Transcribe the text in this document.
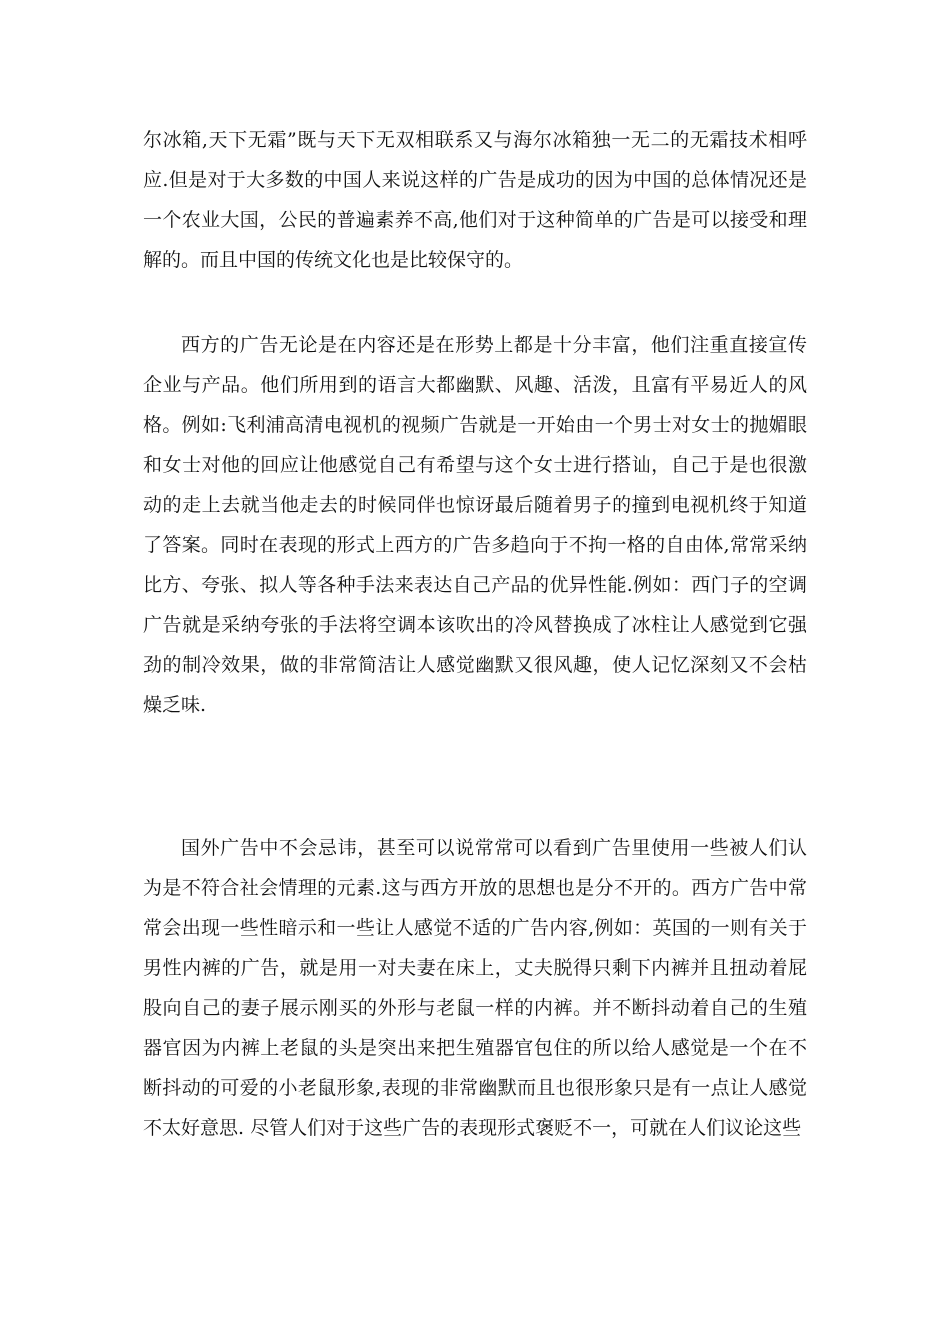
尔冰箱,天下无霜”既与天下无双相联系又与海尔冰箱独一无二的无霜技术相呼应.但是对于大多数的中国人来说这样的广告是成功的因为中国的总体情况还是一个农业大国，公民的普遍素养不高,他们对于这种简单的广告是可以接受和理解的。而且中国的传统文化也是比较保守的。

西方的广告无论是在内容还是在形势上都是十分丰富，他们注重直接宣传企业与产品。他们所用到的语言大都幽默、风趣、活泼，且富有平易近人的风格。例如:飞利浦高清电视机的视频广告就是一开始由一个男士对女士的抛媚眼和女士对他的回应让他感觉自己有希望与这个女士进行搭讪，自己于是也很激动的走上去就当他走去的时候同伴也惊讶最后随着男子的撞到电视机终于知道了答案。同时在表现的形式上西方的广告多趋向于不拘一格的自由体,常常采纳比方、夸张、拟人等各种手法来表达自己产品的优异性能.例如：西门子的空调广告就是采纳夸张的手法将空调本该吹出的冷风替换成了冰柱让人感觉到它强劲的制冷效果，做的非常简洁让人感觉幽默又很风趣，使人记忆深刻又不会枯燥乏味.

国外广告中不会忌讳，甚至可以说常常可以看到广告里使用一些被人们认为是不符合社会情理的元素.这与西方开放的思想也是分不开的。西方广告中常常会出现一些性暗示和一些让人感觉不适的广告内容,例如：英国的一则有关于男性内裤的广告，就是用一对夫妻在床上，丈夫脱得只剩下内裤并且扭动着屁股向自己的妻子展示刚买的外形与老鼠一样的内裤。并不断抖动着自己的生殖器官因为内裤上老鼠的头是突出来把生殖器官包住的所以给人感觉是一个在不断抖动的可爱的小老鼠形象,表现的非常幽默而且也很形象只是有一点让人感觉不太好意思. 尽管人们对于这些广告的表现形式褒贬不一，可就在人们议论这些
